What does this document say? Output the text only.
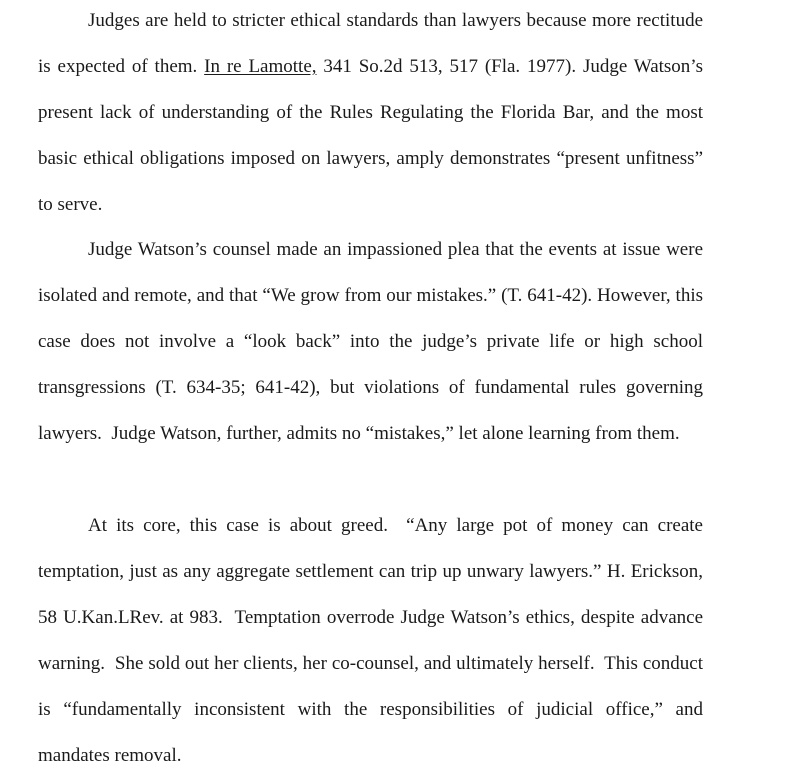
Judges are held to stricter ethical standards than lawyers because more rectitude is expected of them. In re Lamotte, 341 So.2d 513, 517 (Fla. 1977). Judge Watson’s present lack of understanding of the Rules Regulating the Florida Bar, and the most basic ethical obligations imposed on lawyers, amply demonstrates “present unfitness” to serve.

Judge Watson’s counsel made an impassioned plea that the events at issue were isolated and remote, and that “We grow from our mistakes.” (T. 641-42). However, this case does not involve a “look back” into the judge’s private life or high school transgressions (T. 634-35; 641-42), but violations of fundamental rules governing lawyers.  Judge Watson, further, admits no “mistakes,” let alone learning from them.

At its core, this case is about greed.  “Any large pot of money can create temptation, just as any aggregate settlement can trip up unwary lawyers.” H. Erickson, 58 U.Kan.LRev. at 983.  Temptation overrode Judge Watson’s ethics, despite advance warning.  She sold out her clients, her co-counsel, and ultimately herself.  This conduct is “fundamentally inconsistent with the responsibilities of judicial office,” and mandates removal.
